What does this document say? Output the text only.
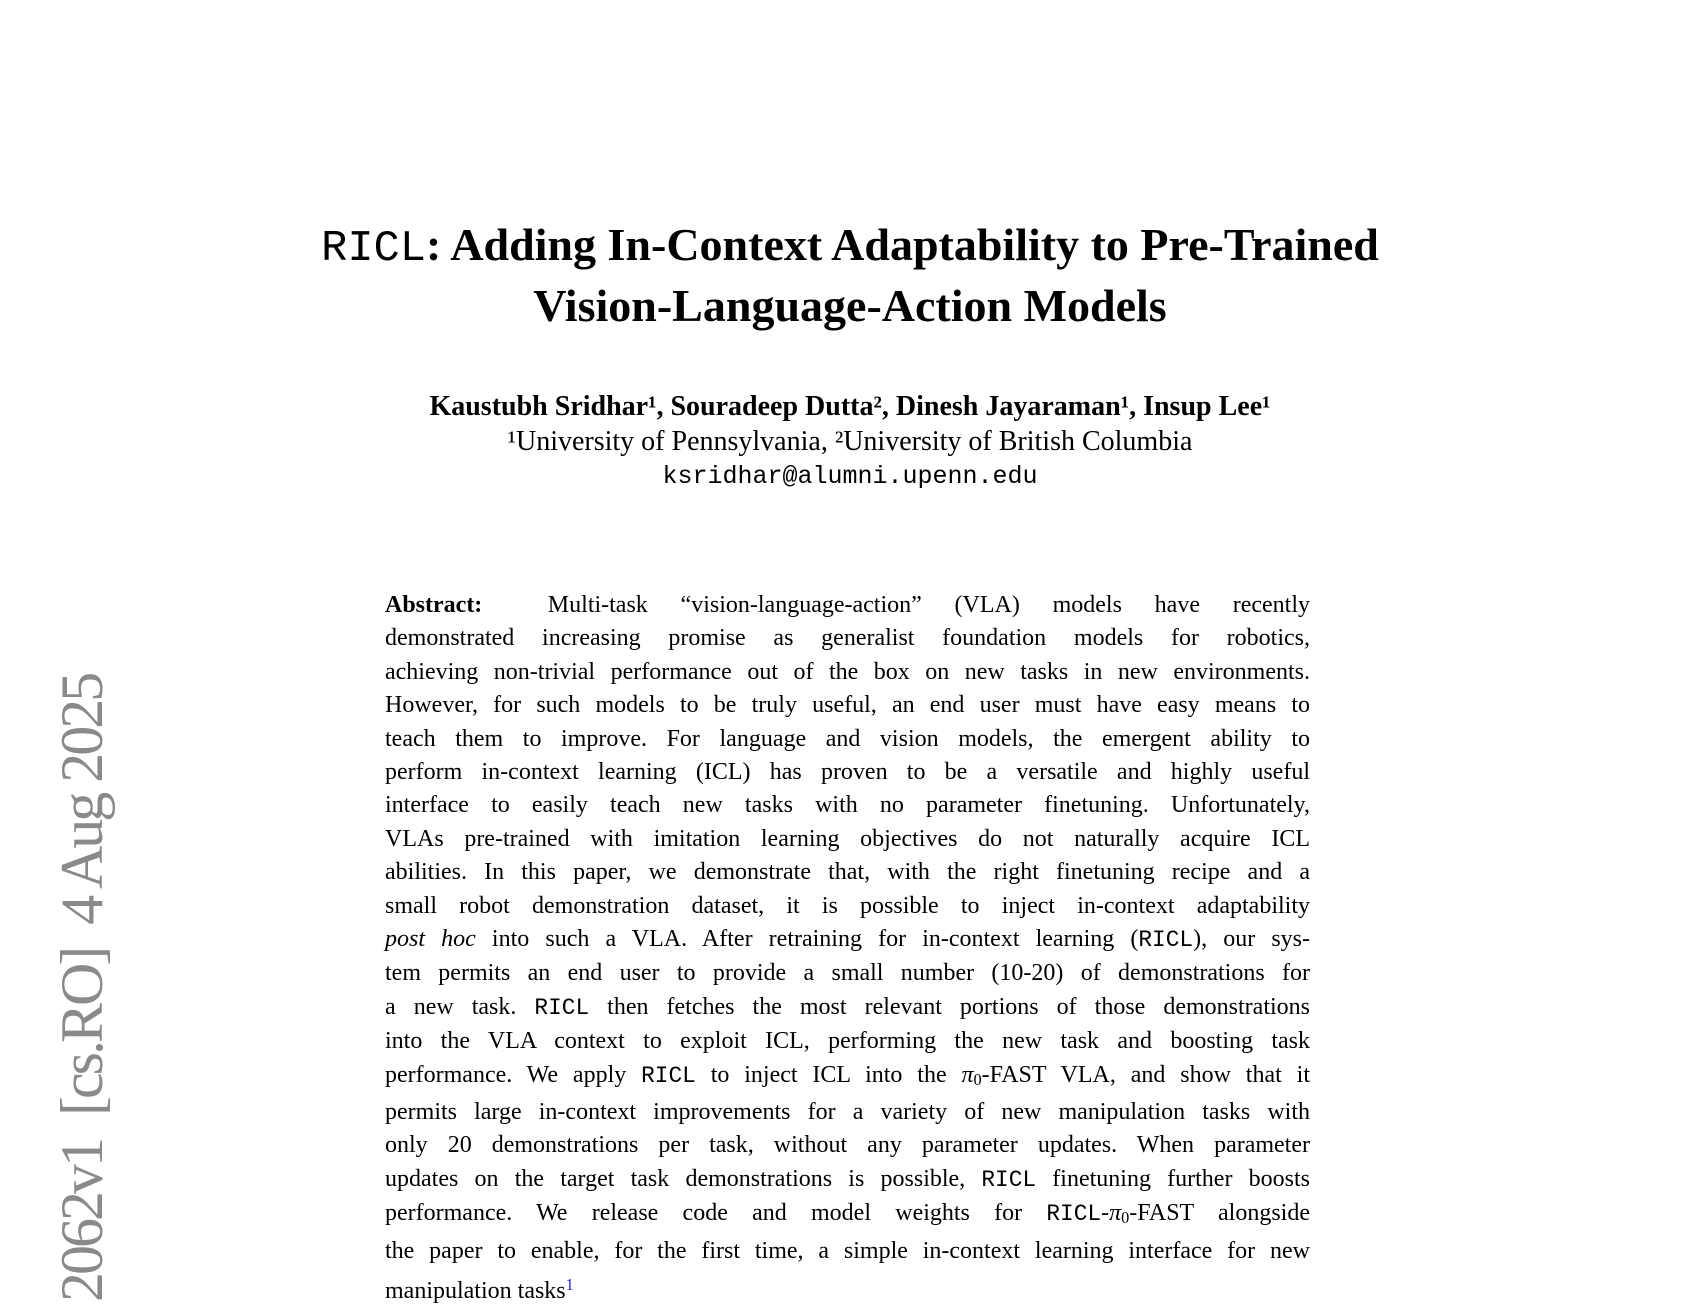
2062v1  [cs.RO]  4 Aug 2025
RICL: Adding In-Context Adaptability to Pre-Trained
Vision-Language-Action Models
Kaustubh Sridhar¹, Souradeep Dutta², Dinesh Jayaraman¹, Insup Lee¹
¹University of Pennsylvania, ²University of British Columbia
ksridhar@alumni.upenn.edu
Abstract:  Multi-task “vision-language-action” (VLA) models have recently
demonstrated increasing promise as generalist foundation models for robotics,
achieving non-trivial performance out of the box on new tasks in new environments.
However, for such models to be truly useful, an end user must have easy means to
teach them to improve. For language and vision models, the emergent ability to
perform in-context learning (ICL) has proven to be a versatile and highly useful
interface to easily teach new tasks with no parameter finetuning. Unfortunately,
VLAs pre-trained with imitation learning objectives do not naturally acquire ICL
abilities. In this paper, we demonstrate that, with the right finetuning recipe and a
small robot demonstration dataset, it is possible to inject in-context adaptability
post hoc into such a VLA. After retraining for in-context learning (RICL), our sys-
tem permits an end user to provide a small number (10-20) of demonstrations for
a new task. RICL then fetches the most relevant portions of those demonstrations
into the VLA context to exploit ICL, performing the new task and boosting task
performance. We apply RICL to inject ICL into the π0-FAST VLA, and show that it
permits large in-context improvements for a variety of new manipulation tasks with
only 20 demonstrations per task, without any parameter updates. When parameter
updates on the target task demonstrations is possible, RICL finetuning further boosts
performance. We release code and model weights for RICL-π0-FAST alongside
the paper to enable, for the first time, a simple in-context learning interface for new
manipulation tasks$^1$
